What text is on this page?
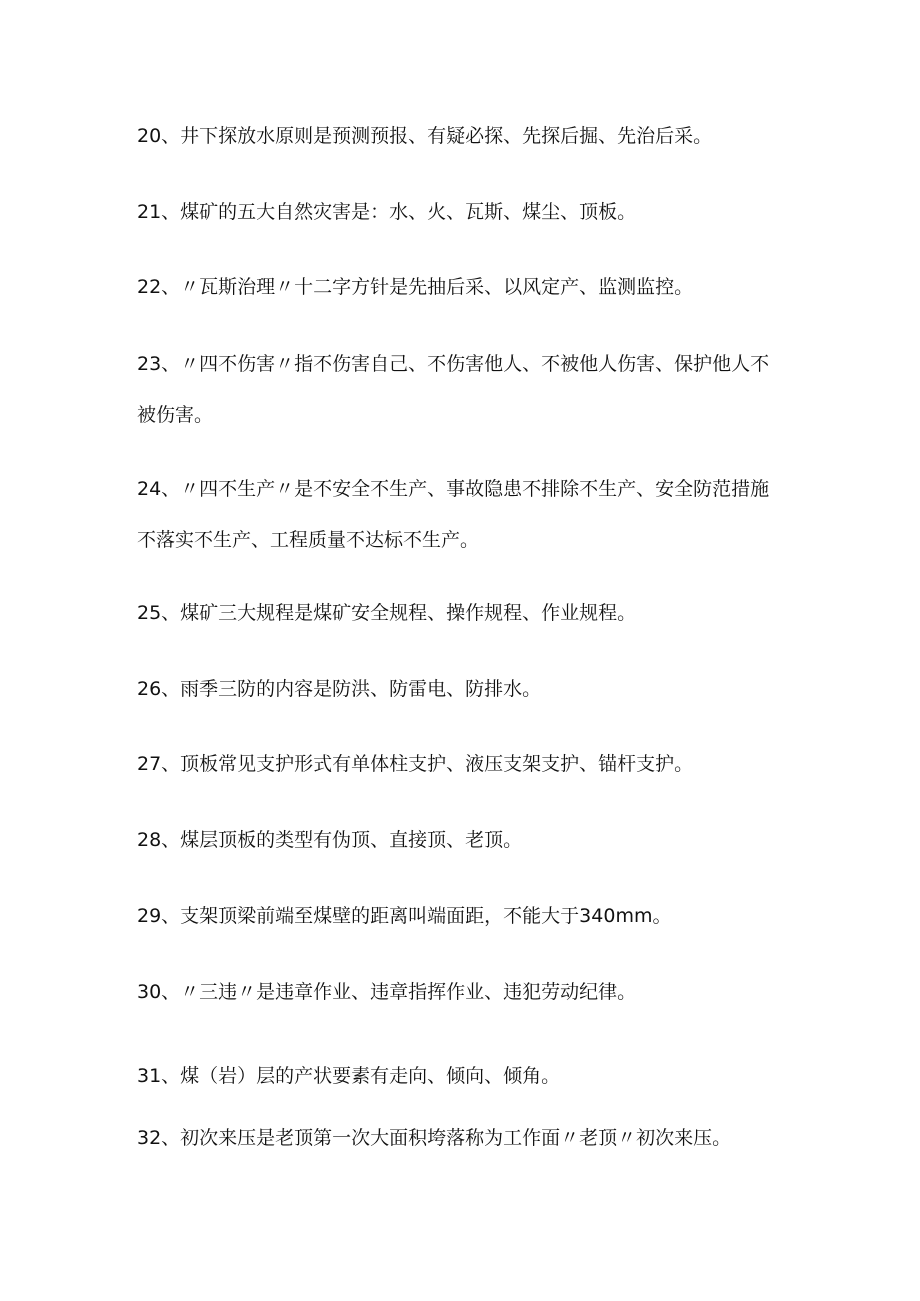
20、井下探放水原则是预测预报、有疑必探、先探后掘、先治后采。

21、煤矿的五大自然灾害是：水、火、瓦斯、煤尘、顶板。

22、〃瓦斯治理〃十二字方针是先抽后采、以风定产、监测监控。

23、〃四不伤害〃指不伤害自己、不伤害他人、不被他人伤害、保护他人不被伤害。

24、〃四不生产〃是不安全不生产、事故隐患不排除不生产、安全防范措施不落实不生产、工程质量不达标不生产。

25、煤矿三大规程是煤矿安全规程、操作规程、作业规程。

26、雨季三防的内容是防洪、防雷电、防排水。

27、顶板常见支护形式有单体柱支护、液压支架支护、锚杆支护。

28、煤层顶板的类型有伪顶、直接顶、老顶。

29、支架顶梁前端至煤壁的距离叫端面距，不能大于340mm。

30、〃三违〃是违章作业、违章指挥作业、违犯劳动纪律。

31、煤（岩）层的产状要素有走向、倾向、倾角。

32、初次来压是老顶第一次大面积垮落称为工作面〃老顶〃初次来压。
